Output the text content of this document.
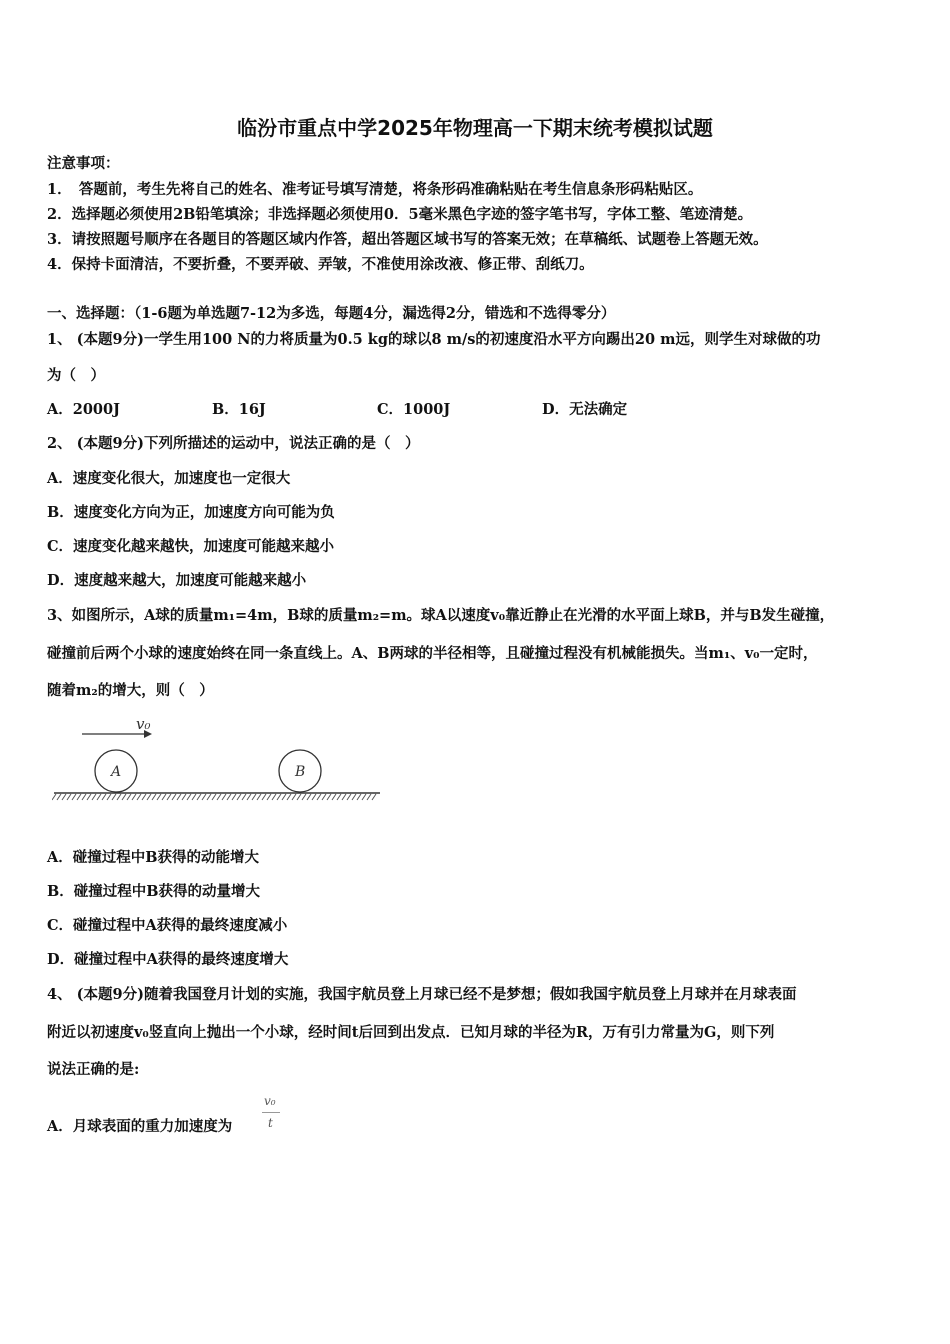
临汾市重点中学2025年物理高一下期末统考模拟试题
注意事项：
1．　答题前，考生先将自己的姓名、准考证号填写清楚，将条形码准确粘贴在考生信息条形码粘贴区。
2．选择题必须使用2B铅笔填涂；非选择题必须使用0．5毫米黑色字迹的签字笔书写，字体工整、笔迹清楚。
3．请按照题号顺序在各题目的答题区域内作答，超出答题区域书写的答案无效；在草稿纸、试题卷上答题无效。
4．保持卡面清洁，不要折叠，不要弄破、弄皱，不准使用涂改液、修正带、刮纸刀。
一、选择题：（1-6题为单选题7-12为多选，每题4分，漏选得2分，错选和不选得零分）
1、 (本题9分)一学生用100 N的力将质量为0.5 kg的球以8 m/s的初速度沿水平方向踢出20 m远，则学生对球做的功
为（　）
A．2000J	B．16J	C．1000J	D．无法确定
2、 (本题9分)下列所描述的运动中，说法正确的是（　）
A．速度变化很大，加速度也一定很大
B．速度变化方向为正，加速度方向可能为负
C．速度变化越来越快，加速度可能越来越小
D．速度越来越大，加速度可能越来越小
3、如图所示，A球的质量m₁=4m，B球的质量m₂=m。球A以速度v₀靠近静止在光滑的水平面上球B，并与B发生碰撞，
碰撞前后两个小球的速度始终在同一条直线上。A、B两球的半径相等，且碰撞过程没有机械能损失。当m₁、v₀一定时，
随着m₂的增大，则（　）
v₀
A	B
A．碰撞过程中B获得的动能增大
B．碰撞过程中B获得的动量增大
C．碰撞过程中A获得的最终速度减小
D．碰撞过程中A获得的最终速度增大
4、 (本题9分)随着我国登月计划的实施，我国宇航员登上月球已经不是梦想；假如我国宇航员登上月球并在月球表面
附近以初速度v₀竖直向上抛出一个小球，经时间t后回到出发点．已知月球的半径为R，万有引力常量为G，则下列
说法正确的是:
A．月球表面的重力加速度为
v₀
t
